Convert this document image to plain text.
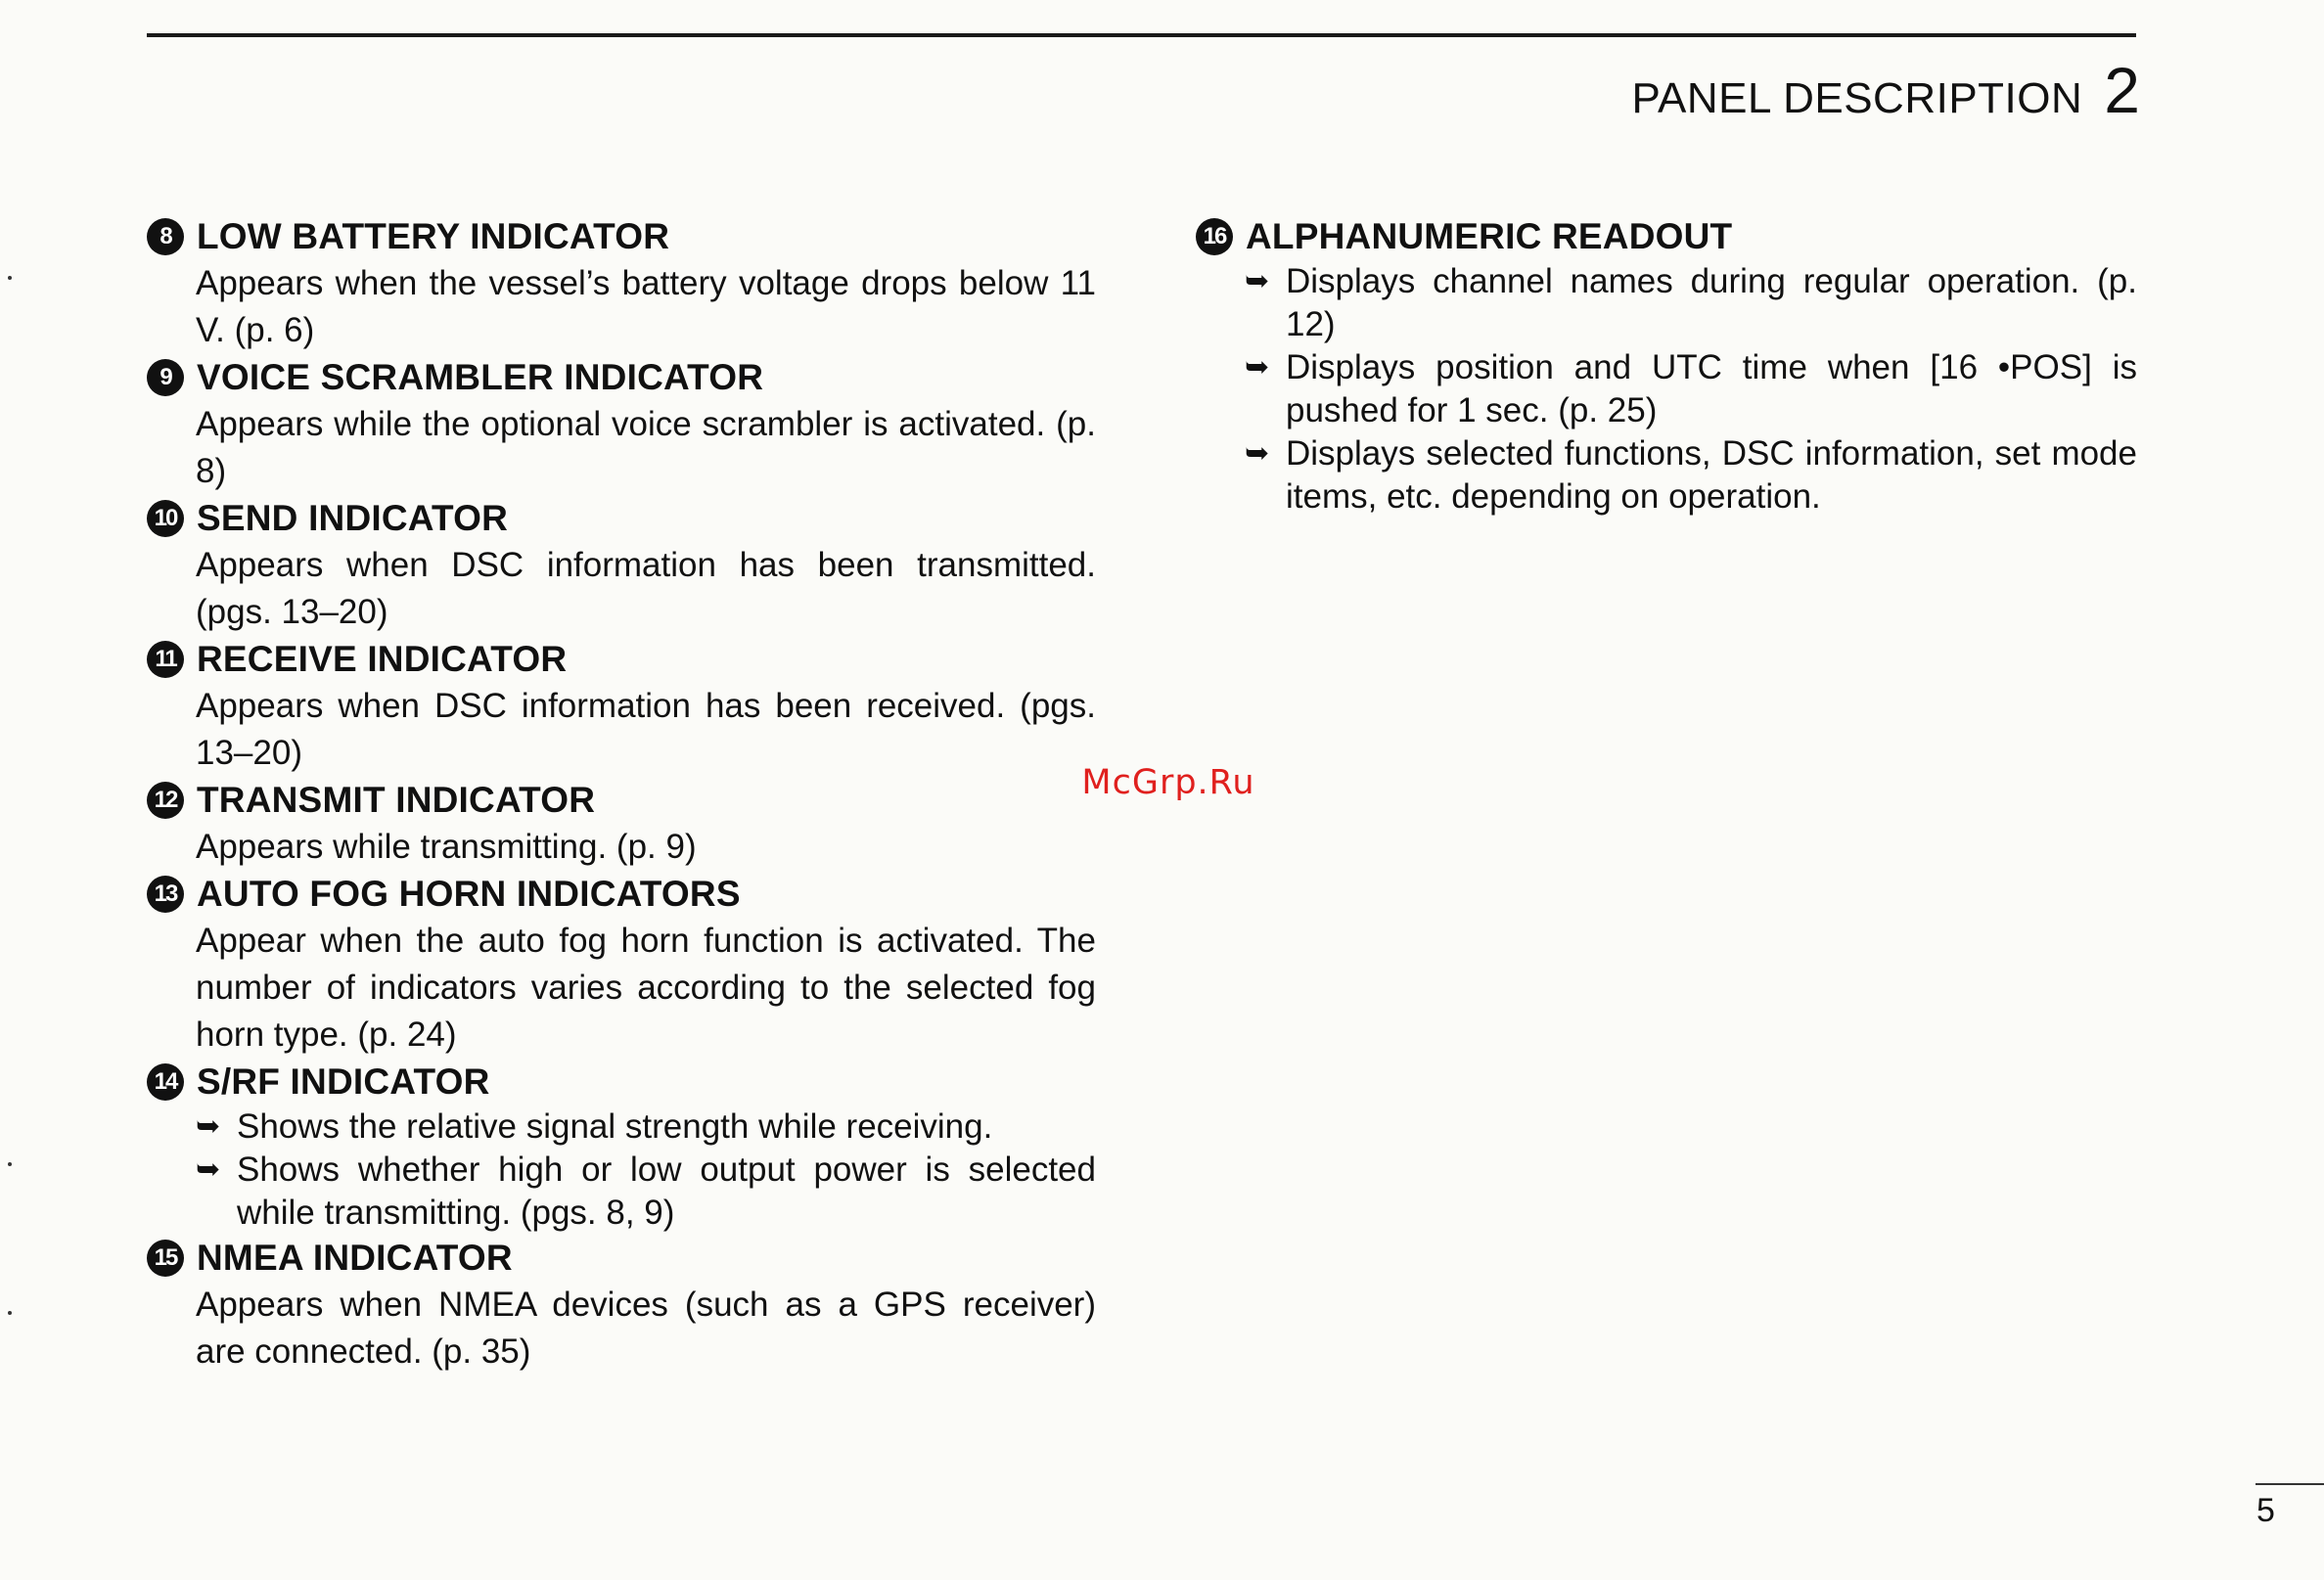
PANEL DESCRIPTION 2
8 LOW BATTERY INDICATOR
Appears when the vessel’s battery voltage drops below 11 V. (p. 6)
9 VOICE SCRAMBLER INDICATOR
Appears while the optional voice scrambler is activated. (p. 8)
10 SEND INDICATOR
Appears when DSC information has been transmitted. (pgs. 13–20)
11 RECEIVE INDICATOR
Appears when DSC information has been received. (pgs. 13–20)
12 TRANSMIT INDICATOR
Appears while transmitting. (p. 9)
13 AUTO FOG HORN INDICATORS
Appear when the auto fog horn function is activated. The number of indicators varies according to the selected fog horn type. (p. 24)
14 S/RF INDICATOR
➥ Shows the relative signal strength while receiving.
➥ Shows whether high or low output power is selected while transmitting. (pgs. 8, 9)
15 NMEA INDICATOR
Appears when NMEA devices (such as a GPS receiver) are connected. (p. 35)
16 ALPHANUMERIC READOUT
➥ Displays channel names during regular operation. (p. 12)
➥ Displays position and UTC time when [16 •POS] is pushed for 1 sec. (p. 25)
➥ Displays selected functions, DSC information, set mode items, etc. depending on operation.
McGrp.Ru
5
